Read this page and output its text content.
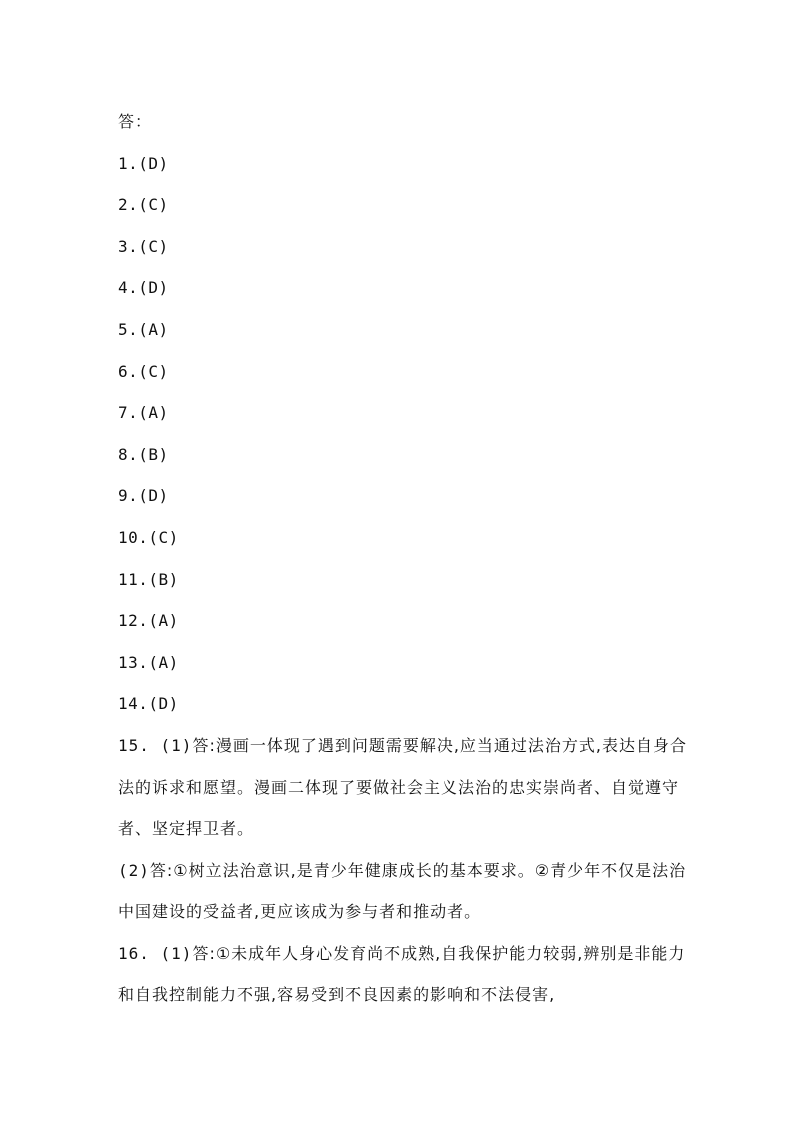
答：
1.(D)
2.(C)
3.(C)
4.(D)
5.(A)
6.(C)
7.(A)
8.(B)
9.(D)
10.(C)
11.(B)
12.(A)
13.(A)
14.(D)
15. (1)答:漫画一体现了遇到问题需要解决,应当通过法治方式,表达自身合法的诉求和愿望。漫画二体现了要做社会主义法治的忠实崇尚者、自觉遵守者、坚定捍卫者。
(2)答:①树立法治意识,是青少年健康成长的基本要求。②青少年不仅是法治中国建设的受益者,更应该成为参与者和推动者。
16. (1)答:①未成年人身心发育尚不成熟,自我保护能力较弱,辨别是非能力和自我控制能力不强,容易受到不良因素的影响和不法侵害,
